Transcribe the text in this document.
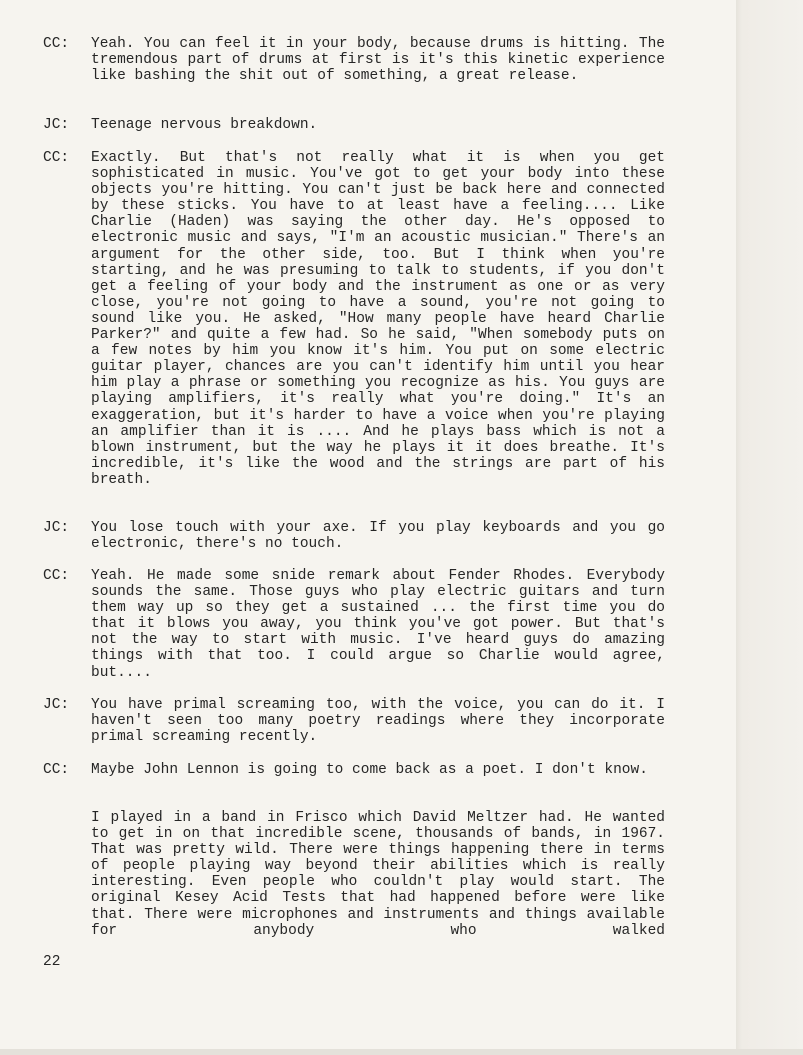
CC: Yeah. You can feel it in your body, because drums is hitting. The tremendous part of drums at first is it's this kinetic experience like bashing the shit out of something, a great release.
JC: Teenage nervous breakdown.
CC: Exactly. But that's not really what it is when you get sophisticated in music. You've got to get your body into these objects you're hitting. You can't just be back here and connected by these sticks. You have to at least have a feeling.... Like Charlie (Haden) was saying the other day. He's opposed to electronic music and says, "I'm an acoustic musician." There's an argument for the other side, too. But I think when you're starting, and he was presuming to talk to students, if you don't get a feeling of your body and the instrument as one or as very close, you're not going to have a sound, you're not going to sound like you. He asked, "How many people have heard Charlie Parker?" and quite a few had. So he said, "When somebody puts on a few notes by him you know it's him. You put on some electric guitar player, chances are you can't identify him until you hear him play a phrase or something you recognize as his. You guys are playing amplifiers, it's really what you're doing." It's an exaggeration, but it's harder to have a voice when you're playing an amplifier than it is .... And he plays bass which is not a blown instrument, but the way he plays it it does breathe. It's incredible, it's like the wood and the strings are part of his breath.
JC: You lose touch with your axe. If you play keyboards and you go electronic, there's no touch.
CC: Yeah. He made some snide remark about Fender Rhodes. Everybody sounds the same. Those guys who play electric guitars and turn them way up so they get a sustained ... the first time you do that it blows you away, you think you've got power. But that's not the way to start with music. I've heard guys do amazing things with that too. I could argue so Charlie would agree, but....
JC: You have primal screaming too, with the voice, you can do it. I haven't seen too many poetry readings where they incorporate primal screaming recently.
CC: Maybe John Lennon is going to come back as a poet. I don't know.
I played in a band in Frisco which David Meltzer had. He wanted to get in on that incredible scene, thousands of bands, in 1967. That was pretty wild. There were things happening there in terms of people playing way beyond their abilities which is really interesting. Even people who couldn't play would start. The original Kesey Acid Tests that had happened before were like that. There were microphones and instruments and things available for anybody who walked
22
